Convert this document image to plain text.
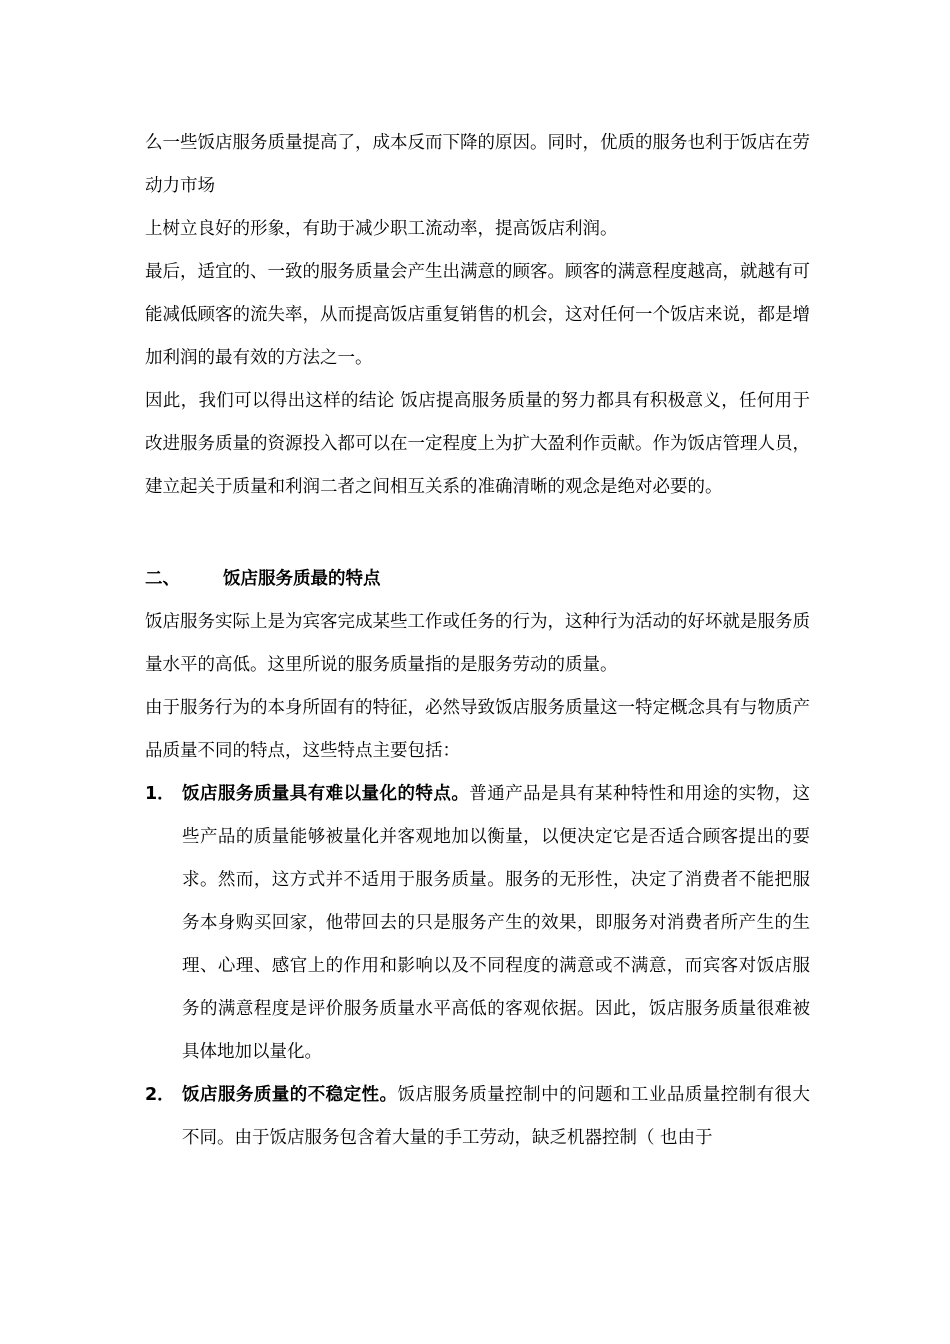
么一些饭店服务质量提高了，成本反而下降的原因。同时，优质的服务也利于饭店在劳动力市场

上树立良好的形象，有助于减少职工流动率，提高饭店利润。

最后，适宜的、一致的服务质量会产生出满意的顾客。顾客的满意程度越高，就越有可能减低顾客的流失率，从而提高饭店重复销售的机会，这对任何一个饭店来说，都是增加利润的最有效的方法之一。

因此，我们可以得出这样的结论 饭店提高服务质量的努力都具有积极意义，任何用于改进服务质量的资源投入都可以在一定程度上为扩大盈利作贡献。作为饭店管理人员，建立起关于质量和利润二者之间相互关系的准确清晰的观念是绝对必要的。

二、	饭店服务质最的特点

饭店服务实际上是为宾客完成某些工作或任务的行为，这种行为活动的好坏就是服务质量水平的高低。这里所说的服务质量指的是服务劳动的质量。

由于服务行为的本身所固有的特征，必然导致饭店服务质量这一特定概念具有与物质产品质量不同的特点，这些特点主要包括：

1． 饭店服务质量具有难以量化的特点。普通产品是具有某种特性和用途的实物，这些产品的质量能够被量化并客观地加以衡量，以便决定它是否适合顾客提出的要求。然而，这方式并不适用于服务质量。服务的无形性，决定了消费者不能把服务本身购买回家，他带回去的只是服务产生的效果，即服务对消费者所产生的生理、心理、感官上的作用和影响以及不同程度的满意或不满意，而宾客对饭店服务的满意程度是评价服务质量水平高低的客观依据。因此，饭店服务质量很难被具体地加以量化。
2． 饭店服务质量的不稳定性。饭店服务质量控制中的问题和工业品质量控制有很大不同。由于饭店服务包含着大量的手工劳动，缺乏机器控制（ 也由于
